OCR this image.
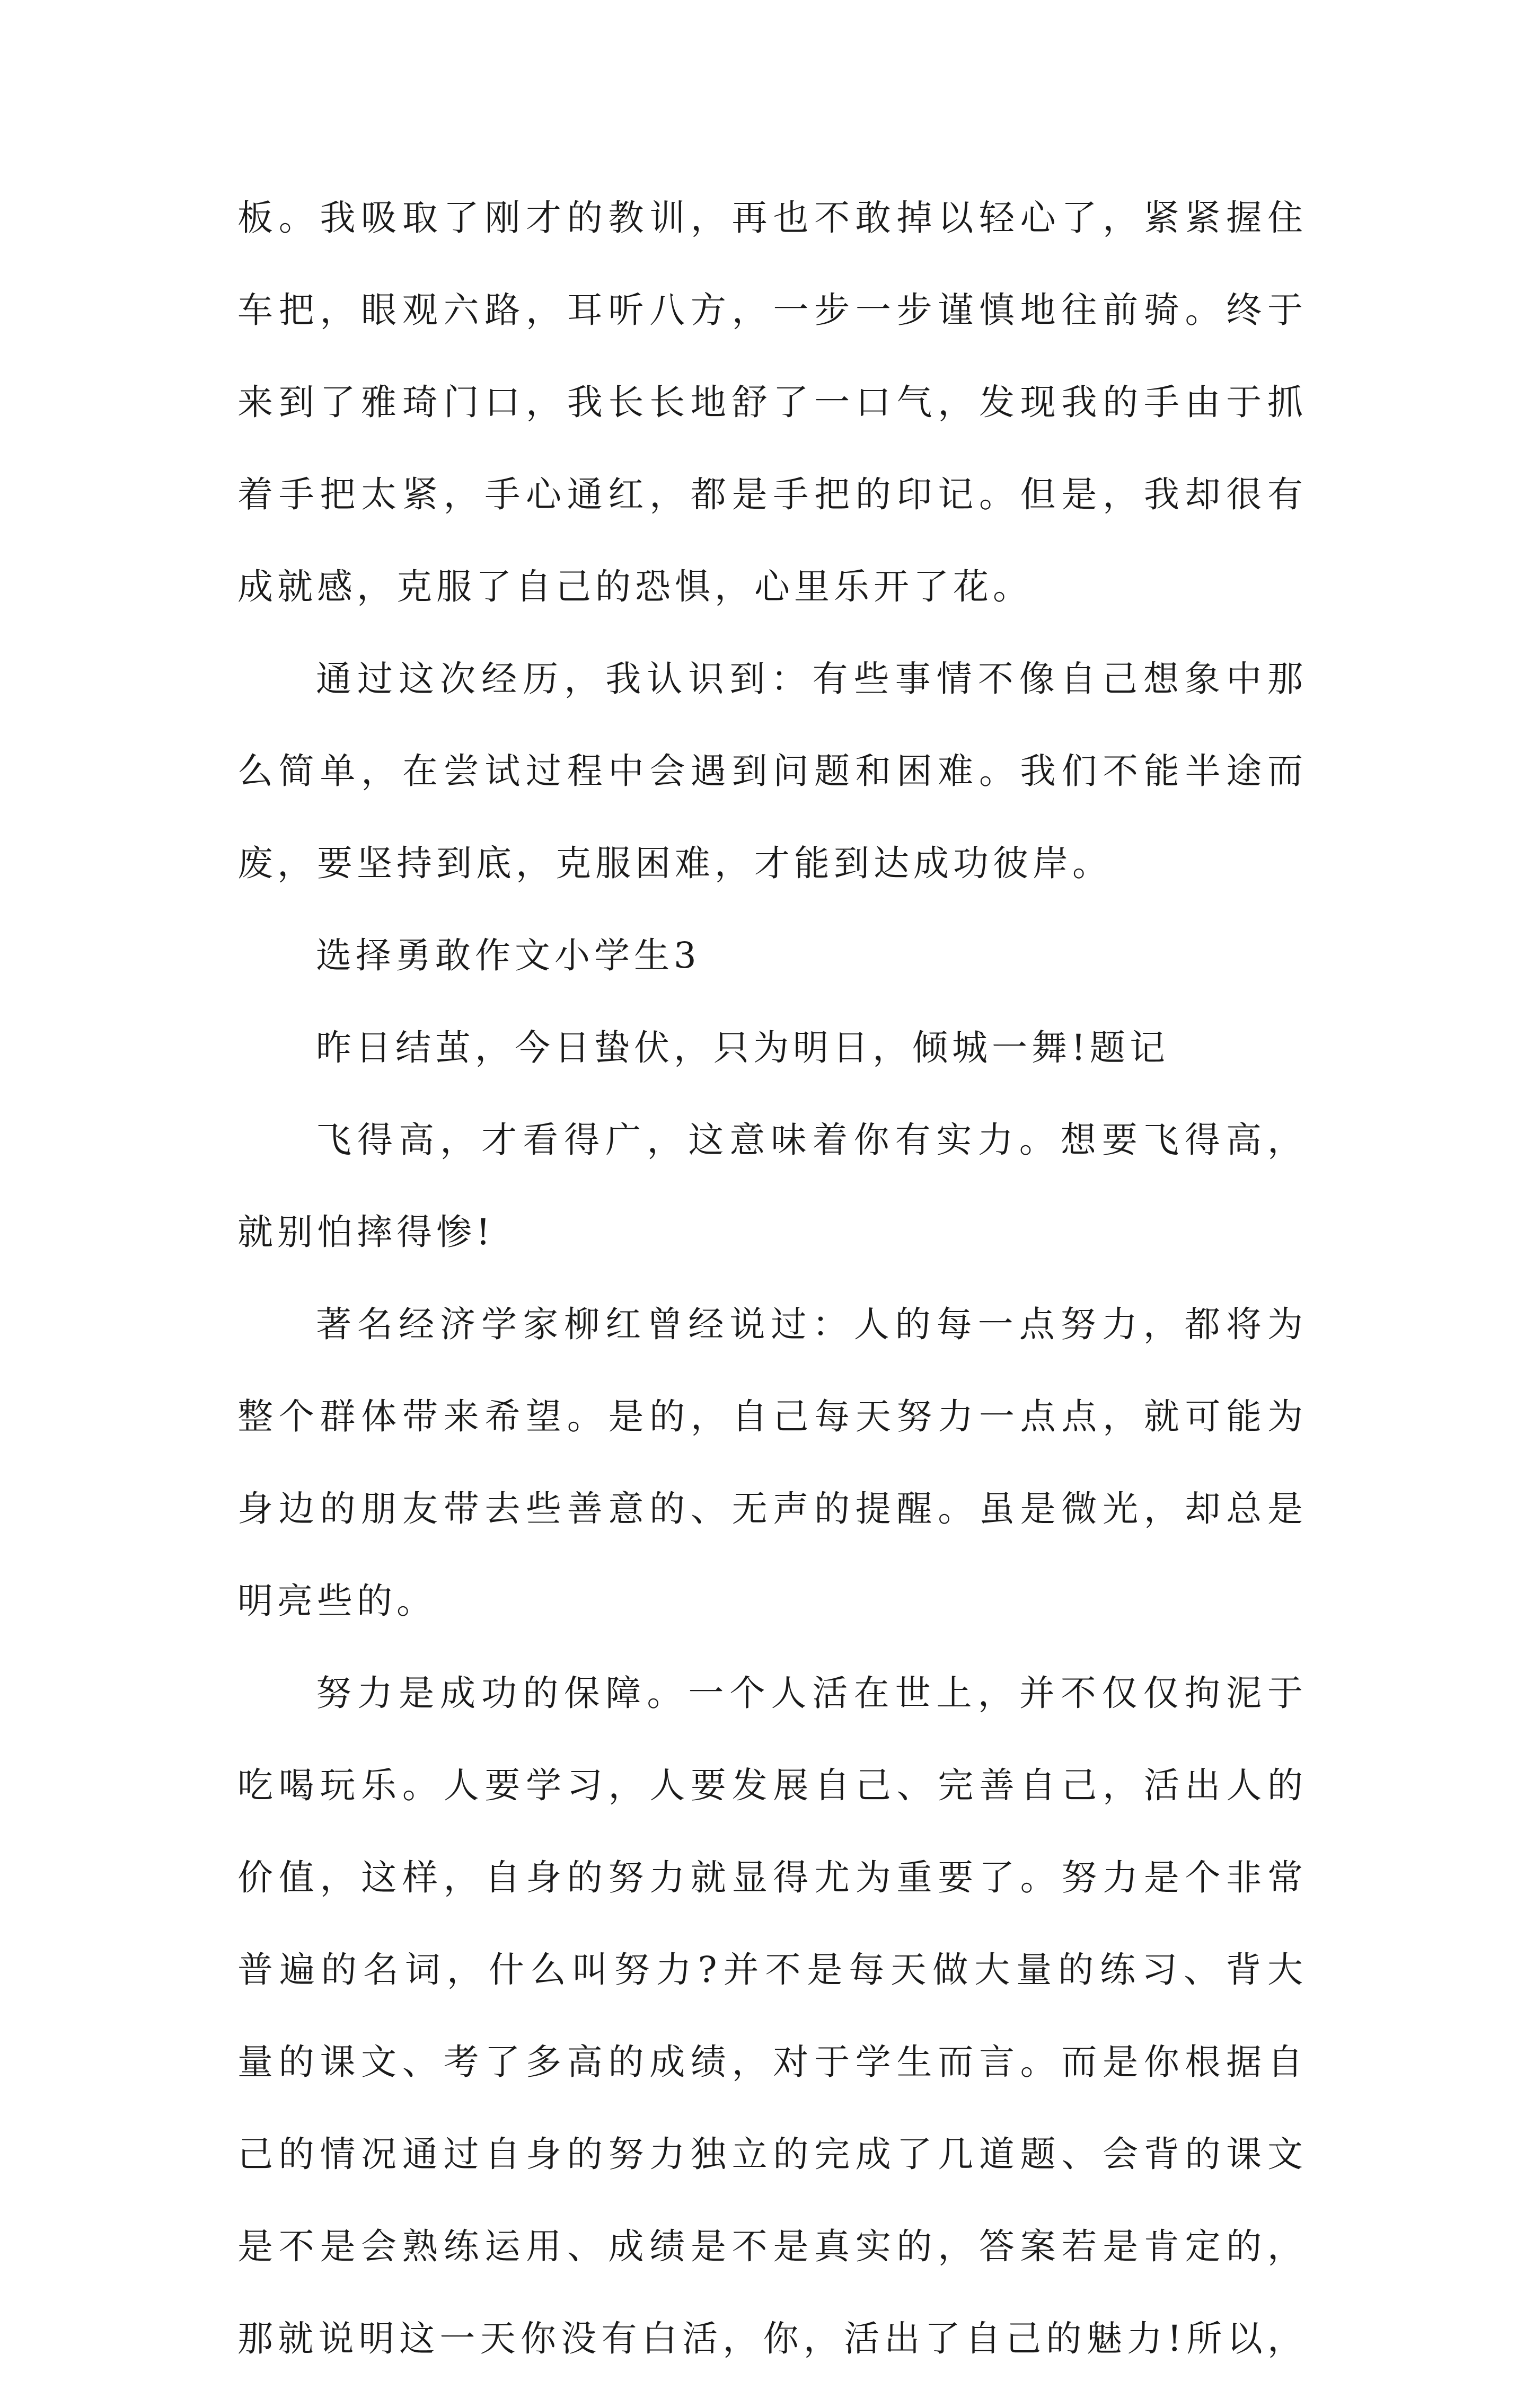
板。我吸取了刚才的教训，再也不敢掉以轻心了，紧紧握住
车把，眼观六路，耳听八方，一步一步谨慎地往前骑。终于
来到了雅琦门口，我长长地舒了一口气，发现我的手由于抓
着手把太紧，手心通红，都是手把的印记。但是，我却很有
成就感，克服了自己的恐惧，心里乐开了花。
通过这次经历，我认识到：有些事情不像自己想象中那
么简单，在尝试过程中会遇到问题和困难。我们不能半途而
废，要坚持到底，克服困难，才能到达成功彼岸。
选择勇敢作文小学生3
昨日结茧，今日蛰伏，只为明日，倾城一舞!题记
飞得高，才看得广，这意味着你有实力。想要飞得高，
就别怕摔得惨!
著名经济学家柳红曾经说过：人的每一点努力，都将为
整个群体带来希望。是的，自己每天努力一点点，就可能为
身边的朋友带去些善意的、无声的提醒。虽是微光，却总是
明亮些的。
努力是成功的保障。一个人活在世上，并不仅仅拘泥于
吃喝玩乐。人要学习，人要发展自己、完善自己，活出人的
价值，这样，自身的努力就显得尤为重要了。努力是个非常
普遍的名词，什么叫努力?并不是每天做大量的练习、背大
量的课文、考了多高的成绩，对于学生而言。而是你根据自
己的情况通过自身的努力独立的完成了几道题、会背的课文
是不是会熟练运用、成绩是不是真实的，答案若是肯定的，
那就说明这一天你没有白活，你，活出了自己的魅力!所以，
